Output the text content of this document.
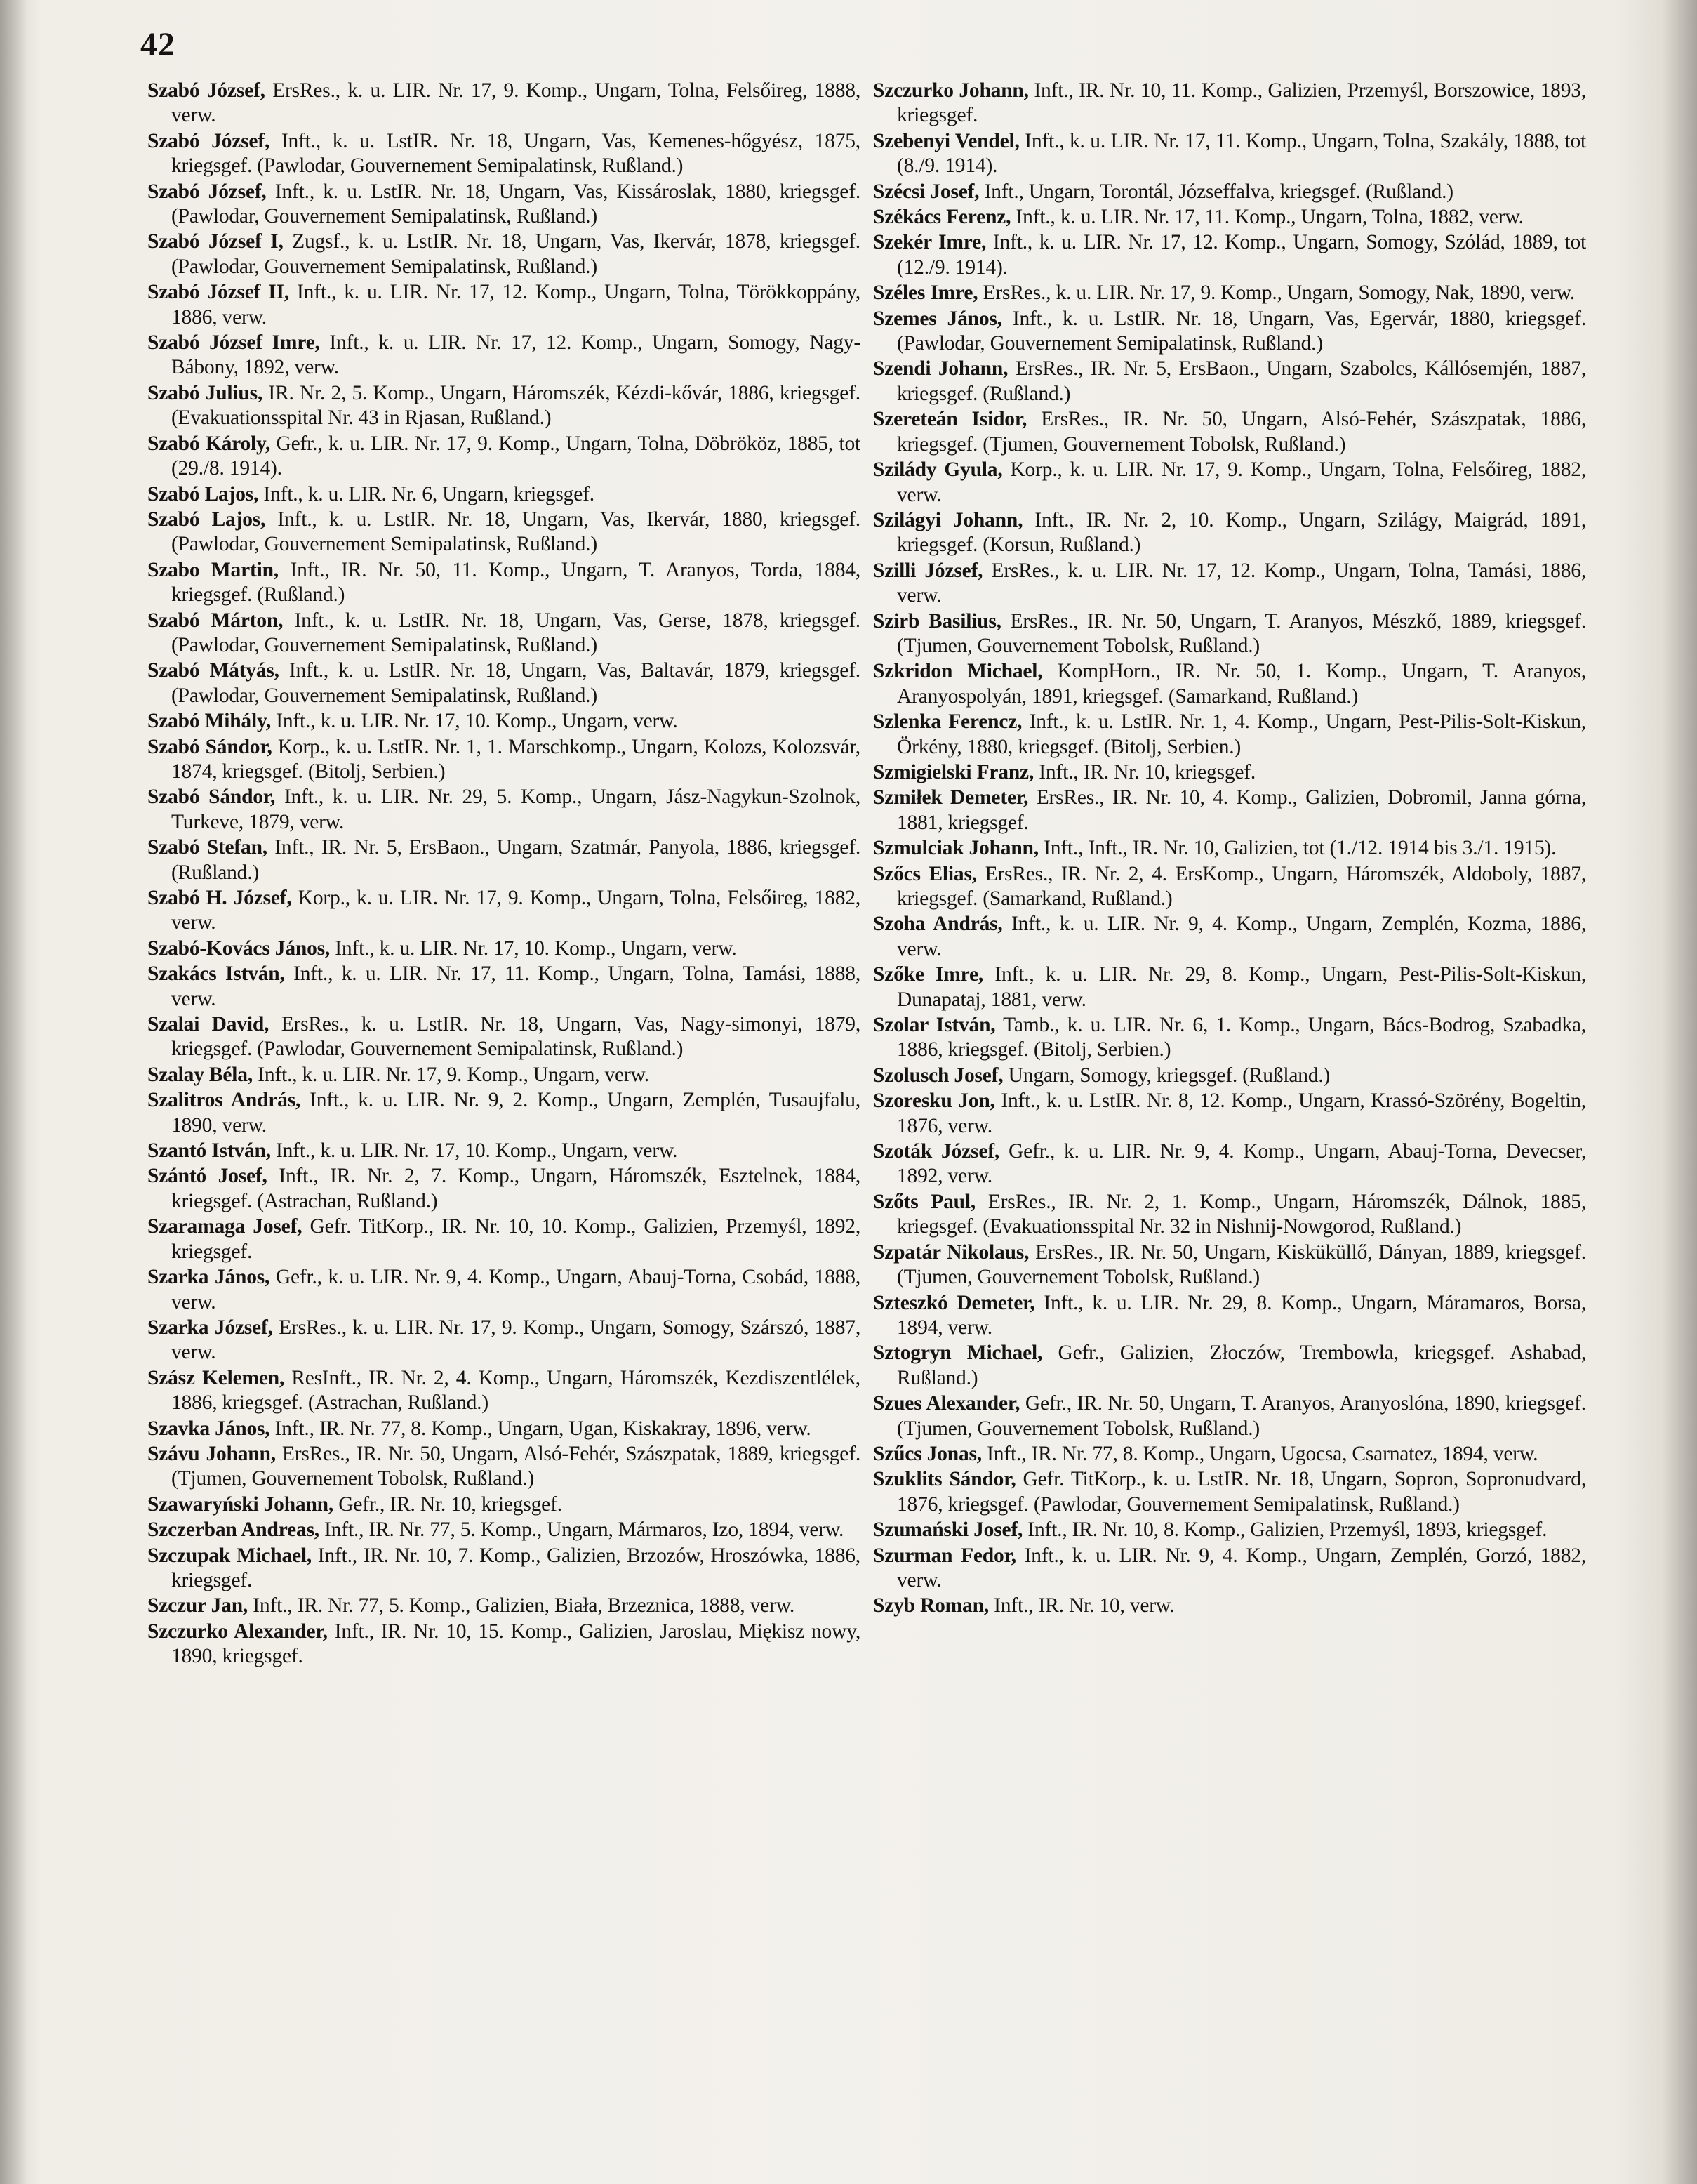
42

Szabó József, ErsRes., k. u. LIR. Nr. 17, 9. Komp., Ungarn, Tolna, Felsőireg, 1888, verw.

Szabó József, Inft., k. u. LstIR. Nr. 18, Ungarn, Vas, Kemenes-hőgyész, 1875, kriegsgef. (Pawlodar, Gouvernement Semipalatinsk, Rußland.)

Szabó József, Inft., k. u. LstIR. Nr. 18, Ungarn, Vas, Kissároslak, 1880, kriegsgef. (Pawlodar, Gouvernement Semipalatinsk, Rußland.)

Szabó József I, Zugsf., k. u. LstIR. Nr. 18, Ungarn, Vas, Ikervár, 1878, kriegsgef. (Pawlodar, Gouvernement Semipalatinsk, Rußland.)

Szabó József II, Inft., k. u. LIR. Nr. 17, 12. Komp., Ungarn, Tolna, Törökkoppány, 1886, verw.

Szabó József Imre, Inft., k. u. LIR. Nr. 17, 12. Komp., Ungarn, Somogy, Nagy-Bábony, 1892, verw.

Szabó Julius, IR. Nr. 2, 5. Komp., Ungarn, Háromszék, Kézdi-kővár, 1886, kriegsgef. (Evakuationsspital Nr. 43 in Rjasan, Rußland.)

Szabó Károly, Gefr., k. u. LIR. Nr. 17, 9. Komp., Ungarn, Tolna, Döbrököz, 1885, tot (29./8. 1914).

Szabó Lajos, Inft., k. u. LIR. Nr. 6, Ungarn, kriegsgef.

Szabó Lajos, Inft., k. u. LstIR. Nr. 18, Ungarn, Vas, Ikervár, 1880, kriegsgef. (Pawlodar, Gouvernement Semipalatinsk, Rußland.)

Szabo Martin, Inft., IR. Nr. 50, 11. Komp., Ungarn, T. Aranyos, Torda, 1884, kriegsgef. (Rußland.)

Szabó Márton, Inft., k. u. LstIR. Nr. 18, Ungarn, Vas, Gerse, 1878, kriegsgef. (Pawlodar, Gouvernement Semipalatinsk, Rußland.)

Szabó Mátyás, Inft., k. u. LstIR. Nr. 18, Ungarn, Vas, Baltavár, 1879, kriegsgef. (Pawlodar, Gouvernement Semipalatinsk, Rußland.)

Szabó Mihály, Inft., k. u. LIR. Nr. 17, 10. Komp., Ungarn, verw.

Szabó Sándor, Korp., k. u. LstIR. Nr. 1, 1. Marschkomp., Ungarn, Kolozs, Kolozsvár, 1874, kriegsgef. (Bitolj, Serbien.)

Szabó Sándor, Inft., k. u. LIR. Nr. 29, 5. Komp., Ungarn, Jász-Nagykun-Szolnok, Turkeve, 1879, verw.

Szabó Stefan, Inft., IR. Nr. 5, ErsBaon., Ungarn, Szatmár, Panyola, 1886, kriegsgef. (Rußland.)

Szabó H. József, Korp., k. u. LIR. Nr. 17, 9. Komp., Ungarn, Tolna, Felsőireg, 1882, verw.

Szabó-Kovács János, Inft., k. u. LIR. Nr. 17, 10. Komp., Ungarn, verw.

Szakács István, Inft., k. u. LIR. Nr. 17, 11. Komp., Ungarn, Tolna, Tamási, 1888, verw.

Szalai David, ErsRes., k. u. LstIR. Nr. 18, Ungarn, Vas, Nagy-simonyi, 1879, kriegsgef. (Pawlodar, Gouvernement Semipalatinsk, Rußland.)

Szalay Béla, Inft., k. u. LIR. Nr. 17, 9. Komp., Ungarn, verw.

Szalitros András, Inft., k. u. LIR. Nr. 9, 2. Komp., Ungarn, Zemplén, Tusaujfalu, 1890, verw.

Szantó István, Inft., k. u. LIR. Nr. 17, 10. Komp., Ungarn, verw.

Szántó Josef, Inft., IR. Nr. 2, 7. Komp., Ungarn, Háromszék, Esztelnek, 1884, kriegsgef. (Astrachan, Rußland.)

Szaramaga Josef, Gefr. TitKorp., IR. Nr. 10, 10. Komp., Galizien, Przemyśl, 1892, kriegsgef.

Szarka János, Gefr., k. u. LIR. Nr. 9, 4. Komp., Ungarn, Abauj-Torna, Csobád, 1888, verw.

Szarka József, ErsRes., k. u. LIR. Nr. 17, 9. Komp., Ungarn, Somogy, Szárszó, 1887, verw.

Szász Kelemen, ResInft., IR. Nr. 2, 4. Komp., Ungarn, Háromszék, Kezdiszentlélek, 1886, kriegsgef. (Astrachan, Rußland.)

Szavka János, Inft., IR. Nr. 77, 8. Komp., Ungarn, Ugan, Kiskakray, 1896, verw.

Szávu Johann, ErsRes., IR. Nr. 50, Ungarn, Alsó-Fehér, Szászpatak, 1889, kriegsgef. (Tjumen, Gouvernement Tobolsk, Rußland.)

Szawaryński Johann, Gefr., IR. Nr. 10, kriegsgef.

Szczerban Andreas, Inft., IR. Nr. 77, 5. Komp., Ungarn, Mármaros, Izo, 1894, verw.

Szczupak Michael, Inft., IR. Nr. 10, 7. Komp., Galizien, Brzozów, Hroszówka, 1886, kriegsgef.

Szczur Jan, Inft., IR. Nr. 77, 5. Komp., Galizien, Biała, Brzeznica, 1888, verw.

Szczurko Alexander, Inft., IR. Nr. 10, 15. Komp., Galizien, Jaroslau, Miękisz nowy, 1890, kriegsgef.

Szczurko Johann, Inft., IR. Nr. 10, 11. Komp., Galizien, Przemyśl, Borszowice, 1893, kriegsgef.

Szebenyi Vendel, Inft., k. u. LIR. Nr. 17, 11. Komp., Ungarn, Tolna, Szakály, 1888, tot (8./9. 1914).

Szécsi Josef, Inft., Ungarn, Torontál, Józseffalva, kriegsgef. (Rußland.)

Székács Ferenz, Inft., k. u. LIR. Nr. 17, 11. Komp., Ungarn, Tolna, 1882, verw.

Szekér Imre, Inft., k. u. LIR. Nr. 17, 12. Komp., Ungarn, Somogy, Szólád, 1889, tot (12./9. 1914).

Széles Imre, ErsRes., k. u. LIR. Nr. 17, 9. Komp., Ungarn, Somogy, Nak, 1890, verw.

Szemes János, Inft., k. u. LstIR. Nr. 18, Ungarn, Vas, Egervár, 1880, kriegsgef. (Pawlodar, Gouvernement Semipalatinsk, Rußland.)

Szendi Johann, ErsRes., IR. Nr. 5, ErsBaon., Ungarn, Szabolcs, Kállósemjén, 1887, kriegsgef. (Rußland.)

Szereteán Isidor, ErsRes., IR. Nr. 50, Ungarn, Alsó-Fehér, Szászpatak, 1886, kriegsgef. (Tjumen, Gouvernement Tobolsk, Rußland.)

Szilády Gyula, Korp., k. u. LIR. Nr. 17, 9. Komp., Ungarn, Tolna, Felsőireg, 1882, verw.

Szilágyi Johann, Inft., IR. Nr. 2, 10. Komp., Ungarn, Szilágy, Maigrád, 1891, kriegsgef. (Korsun, Rußland.)

Szilli József, ErsRes., k. u. LIR. Nr. 17, 12. Komp., Ungarn, Tolna, Tamási, 1886, verw.

Szirb Basilius, ErsRes., IR. Nr. 50, Ungarn, T. Aranyos, Mészkő, 1889, kriegsgef. (Tjumen, Gouvernement Tobolsk, Rußland.)

Szkridon Michael, KompHorn., IR. Nr. 50, 1. Komp., Ungarn, T. Aranyos, Aranyospolyán, 1891, kriegsgef. (Samarkand, Rußland.)

Szlenka Ferencz, Inft., k. u. LstIR. Nr. 1, 4. Komp., Ungarn, Pest-Pilis-Solt-Kiskun, Örkény, 1880, kriegsgef. (Bitolj, Serbien.)

Szmigielski Franz, Inft., IR. Nr. 10, kriegsgef.

Szmiłek Demeter, ErsRes., IR. Nr. 10, 4. Komp., Galizien, Dobromil, Janna górna, 1881, kriegsgef.

Szmulciak Johann, Inft., Inft., IR. Nr. 10, Galizien, tot (1./12. 1914 bis 3./1. 1915).

Szőcs Elias, ErsRes., IR. Nr. 2, 4. ErsKomp., Ungarn, Háromszék, Aldoboly, 1887, kriegsgef. (Samarkand, Rußland.)

Szoha András, Inft., k. u. LIR. Nr. 9, 4. Komp., Ungarn, Zemplén, Kozma, 1886, verw.

Szőke Imre, Inft., k. u. LIR. Nr. 29, 8. Komp., Ungarn, Pest-Pilis-Solt-Kiskun, Dunapataj, 1881, verw.

Szolar István, Tamb., k. u. LIR. Nr. 6, 1. Komp., Ungarn, Bács-Bodrog, Szabadka, 1886, kriegsgef. (Bitolj, Serbien.)

Szolusch Josef, Ungarn, Somogy, kriegsgef. (Rußland.)

Szoresku Jon, Inft., k. u. LstIR. Nr. 8, 12. Komp., Ungarn, Krassó-Szörény, Bogeltin, 1876, verw.

Szoták József, Gefr., k. u. LIR. Nr. 9, 4. Komp., Ungarn, Abauj-Torna, Devecser, 1892, verw.

Szőts Paul, ErsRes., IR. Nr. 2, 1. Komp., Ungarn, Háromszék, Dálnok, 1885, kriegsgef. (Evakuationsspital Nr. 32 in Nishnij-Nowgorod, Rußland.)

Szpatár Nikolaus, ErsRes., IR. Nr. 50, Ungarn, Kisküküllő, Dányan, 1889, kriegsgef. (Tjumen, Gouvernement Tobolsk, Rußland.)

Szteszkó Demeter, Inft., k. u. LIR. Nr. 29, 8. Komp., Ungarn, Máramaros, Borsa, 1894, verw.

Sztogryn Michael, Gefr., Galizien, Złoczów, Trembowla, kriegsgef. Ashabad, Rußland.)

Szues Alexander, Gefr., IR. Nr. 50, Ungarn, T. Aranyos, Aranyoslóna, 1890, kriegsgef. (Tjumen, Gouvernement Tobolsk, Rußland.)

Szűcs Jonas, Inft., IR. Nr. 77, 8. Komp., Ungarn, Ugocsa, Csarnatez, 1894, verw.

Szuklits Sándor, Gefr. TitKorp., k. u. LstIR. Nr. 18, Ungarn, Sopron, Sopronudvard, 1876, kriegsgef. (Pawlodar, Gouvernement Semipalatinsk, Rußland.)

Szumański Josef, Inft., IR. Nr. 10, 8. Komp., Galizien, Przemyśl, 1893, kriegsgef.

Szurman Fedor, Inft., k. u. LIR. Nr. 9, 4. Komp., Ungarn, Zemplén, Gorzó, 1882, verw.

Szyb Roman, Inft., IR. Nr. 10, verw.
